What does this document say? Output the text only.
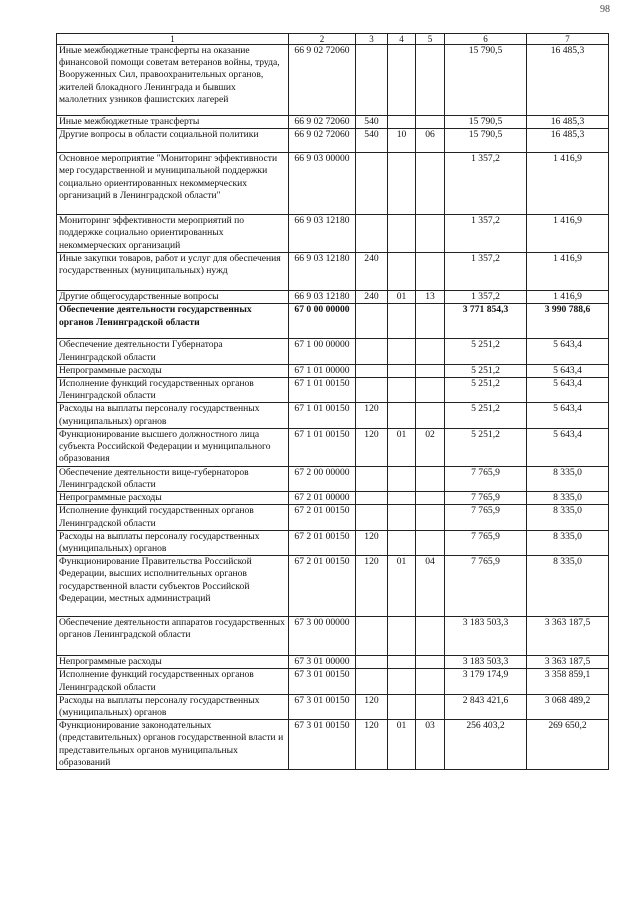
98
1	2	3	4	5	6	7
Иные межбюджетные трансферты на оказание финансовой помощи советам ветеранов войны, труда, Вооруженных Сил, правоохранительных органов, жителей блокадного Ленинграда и бывших малолетних узников фашистских лагерей	66 9 02 72060				15 790,5	16 485,3
Иные межбюджетные трансферты	66 9 02 72060	540			15 790,5	16 485,3
Другие вопросы в области социальной политики	66 9 02 72060	540	10	06	15 790,5	16 485,3
Основное мероприятие "Мониторинг эффективности мер государственной и муниципальной поддержки социально ориентированных некоммерческих организаций в Ленинградской области"	66 9 03 00000				1 357,2	1 416,9
Мониторинг эффективности мероприятий по поддержке социально ориентированных некоммерческих организаций	66 9 03 12180				1 357,2	1 416,9
Иные закупки товаров, работ и услуг для обеспечения государственных (муниципальных) нужд	66 9 03 12180	240			1 357,2	1 416,9
Другие общегосударственные вопросы	66 9 03 12180	240	01	13	1 357,2	1 416,9
Обеспечение деятельности государственных органов Ленинградской области	67 0 00 00000				3 771 854,3	3 990 788,6
Обеспечение деятельности Губернатора Ленинградской области	67 1 00 00000				5 251,2	5 643,4
Непрограммные расходы	67 1 01 00000				5 251,2	5 643,4
Исполнение функций государственных органов Ленинградской области	67 1 01 00150				5 251,2	5 643,4
Расходы на выплаты персоналу государственных (муниципальных) органов	67 1 01 00150	120			5 251,2	5 643,4
Функционирование высшего должностного лица субъекта Российской Федерации и муниципального образования	67 1 01 00150	120	01	02	5 251,2	5 643,4
Обеспечение деятельности вице-губернаторов Ленинградской области	67 2 00 00000				7 765,9	8 335,0
Непрограммные расходы	67 2 01 00000				7 765,9	8 335,0
Исполнение функций государственных органов Ленинградской области	67 2 01 00150				7 765,9	8 335,0
Расходы на выплаты персоналу государственных (муниципальных) органов	67 2 01 00150	120			7 765,9	8 335,0
Функционирование Правительства Российской Федерации, высших исполнительных органов государственной власти субъектов Российской Федерации, местных администраций	67 2 01 00150	120	01	04	7 765,9	8 335,0
Обеспечение деятельности аппаратов государственных органов Ленинградской области	67 3 00 00000				3 183 503,3	3 363 187,5
Непрограммные расходы	67 3 01 00000				3 183 503,3	3 363 187,5
Исполнение функций государственных органов Ленинградской области	67 3 01 00150				3 179 174,9	3 358 859,1
Расходы на выплаты персоналу государственных (муниципальных) органов	67 3 01 00150	120			2 843 421,6	3 068 489,2
Функционирование законодательных (представительных) органов государственной власти и представительных органов муниципальных образований	67 3 01 00150	120	01	03	256 403,2	269 650,2
